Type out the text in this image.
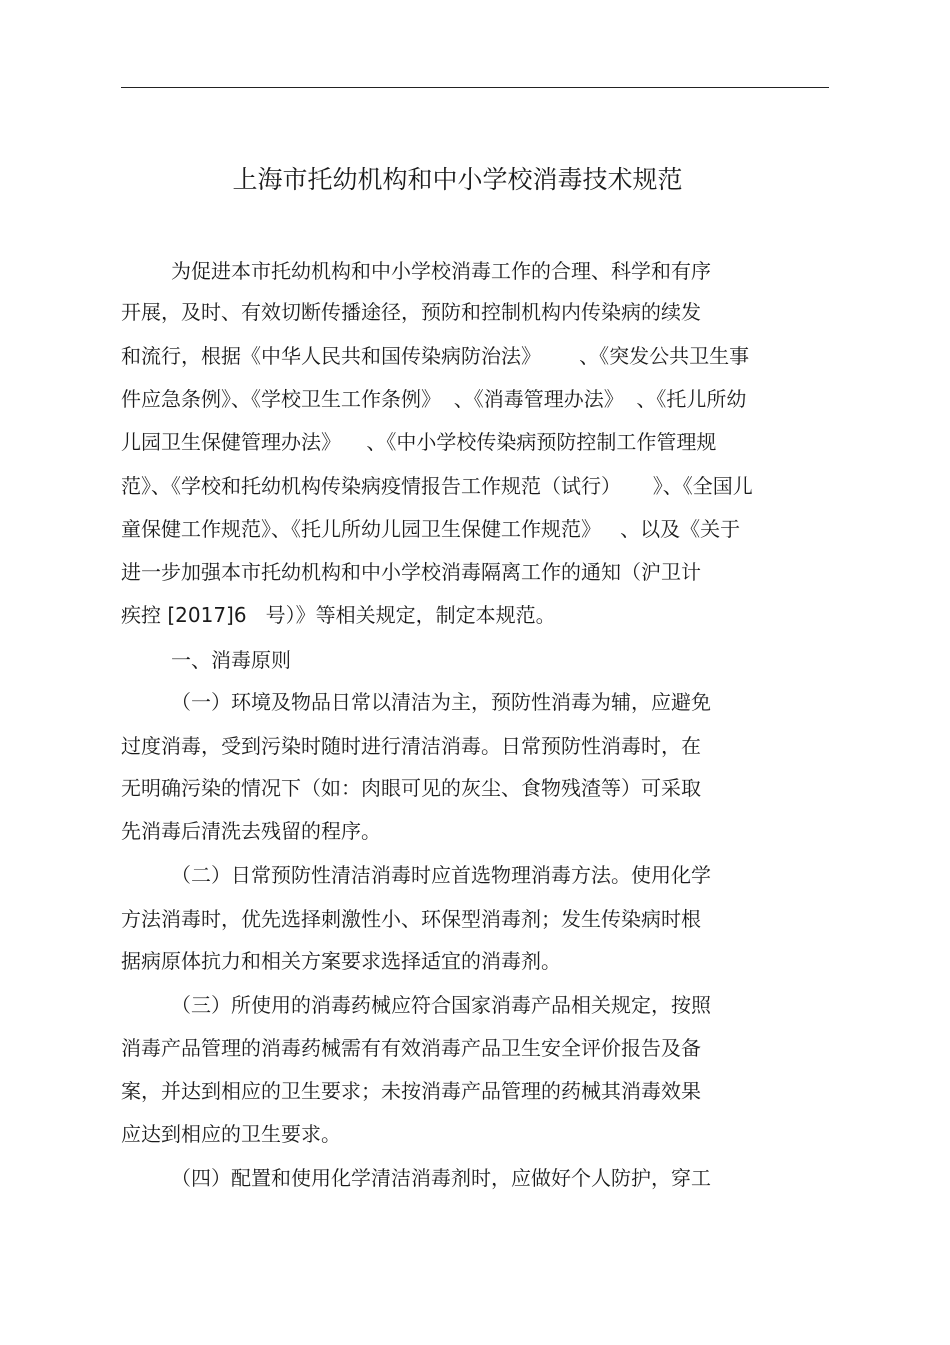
上海市托幼机构和中小学校消毒技术规范
为促进本市托幼机构和中小学校消毒工作的合理、科学和有序
开展，及时、有效切断传播途径，预防和控制机构内传染病的续发
和流行，根据《中华人民共和国传染病防治法》      、《突发公共卫生事
件应急条例》、《学校卫生工作条例》  、《消毒管理办法》  、《托儿所幼
儿园卫生保健管理办法》    、《中小学校传染病预防控制工作管理规
范》、《学校和托幼机构传染病疫情报告工作规范（试行）     》、《全国儿
童保健工作规范》、《托儿所幼儿园卫生保健工作规范》   、以及《关于
进一步加强本市托幼机构和中小学校消毒隔离工作的通知（沪卫计
疾控 [2017]6   号）》等相关规定，制定本规范。
一、消毒原则
（一）环境及物品日常以清洁为主，预防性消毒为辅，应避免
过度消毒，受到污染时随时进行清洁消毒。日常预防性消毒时，在
无明确污染的情况下（如：肉眼可见的灰尘、食物残渣等）可采取
先消毒后清洗去残留的程序。
（二）日常预防性清洁消毒时应首选物理消毒方法。使用化学
方法消毒时，优先选择刺激性小、环保型消毒剂；发生传染病时根
据病原体抗力和相关方案要求选择适宜的消毒剂。
（三）所使用的消毒药械应符合国家消毒产品相关规定，按照
消毒产品管理的消毒药械需有有效消毒产品卫生安全评价报告及备
案，并达到相应的卫生要求；未按消毒产品管理的药械其消毒效果
应达到相应的卫生要求。
（四）配置和使用化学清洁消毒剂时，应做好个人防护，穿工
